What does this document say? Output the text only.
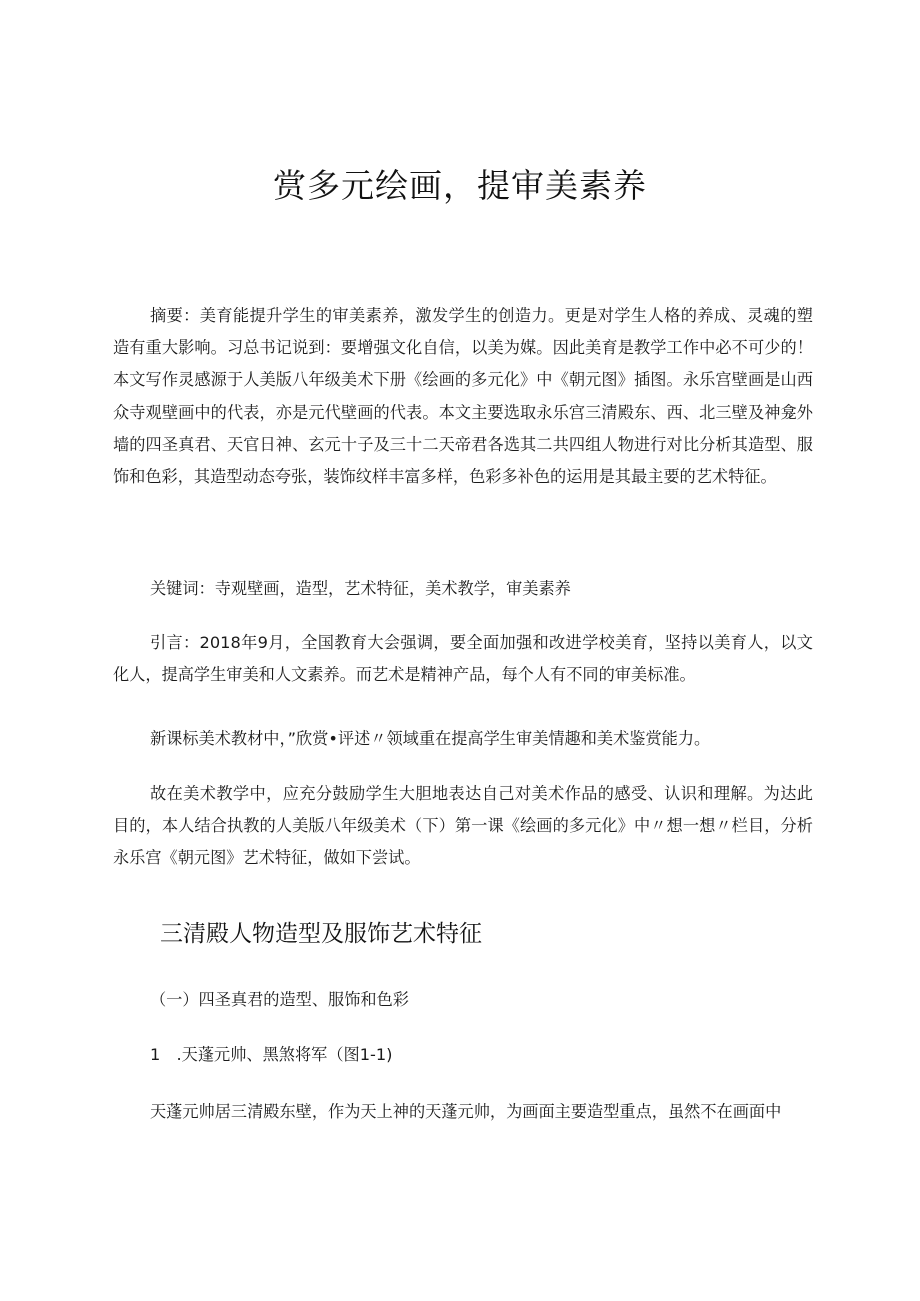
赏多元绘画，提审美素养

摘要：美育能提升学生的审美素养，激发学生的创造力。更是对学生人格的养成、灵魂的塑造有重大影响。习总书记说到：要增强文化自信，以美为媒。因此美育是教学工作中必不可少的！本文写作灵感源于人美版八年级美术下册《绘画的多元化》中《朝元图》插图。永乐宫壁画是山西众寺观壁画中的代表，亦是元代壁画的代表。本文主要选取永乐宫三清殿东、西、北三壁及神龛外墙的四圣真君、天官日神、玄元十子及三十二天帝君各选其二共四组人物进行对比分析其造型、服饰和色彩，其造型动态夸张，装饰纹样丰富多样，色彩多补色的运用是其最主要的艺术特征。

关键词：寺观壁画，造型，艺术特征，美术教学，审美素养

引言：2018年9月，全国教育大会强调，要全面加强和改进学校美育，坚持以美育人，以文化人，提高学生审美和人文素养。而艺术是精神产品，每个人有不同的审美标准。

新课标美术教材中，”欣赏•评述〃领域重在提高学生审美情趣和美术鉴赏能力。

故在美术教学中，应充分鼓励学生大胆地表达自己对美术作品的感受、认识和理解。为达此目的，本人结合执教的人美版八年级美术（下）第一课《绘画的多元化》中〃想一想〃栏目，分析永乐宫《朝元图》艺术特征，做如下尝试。

三清殿人物造型及服饰艺术特征
（一）四圣真君的造型、服饰和色彩
1　.天蓬元帅、黑煞将军（图1-1)
天蓬元帅居三清殿东壁，作为天上神的天蓬元帅，为画面主要造型重点，虽然不在画面中
